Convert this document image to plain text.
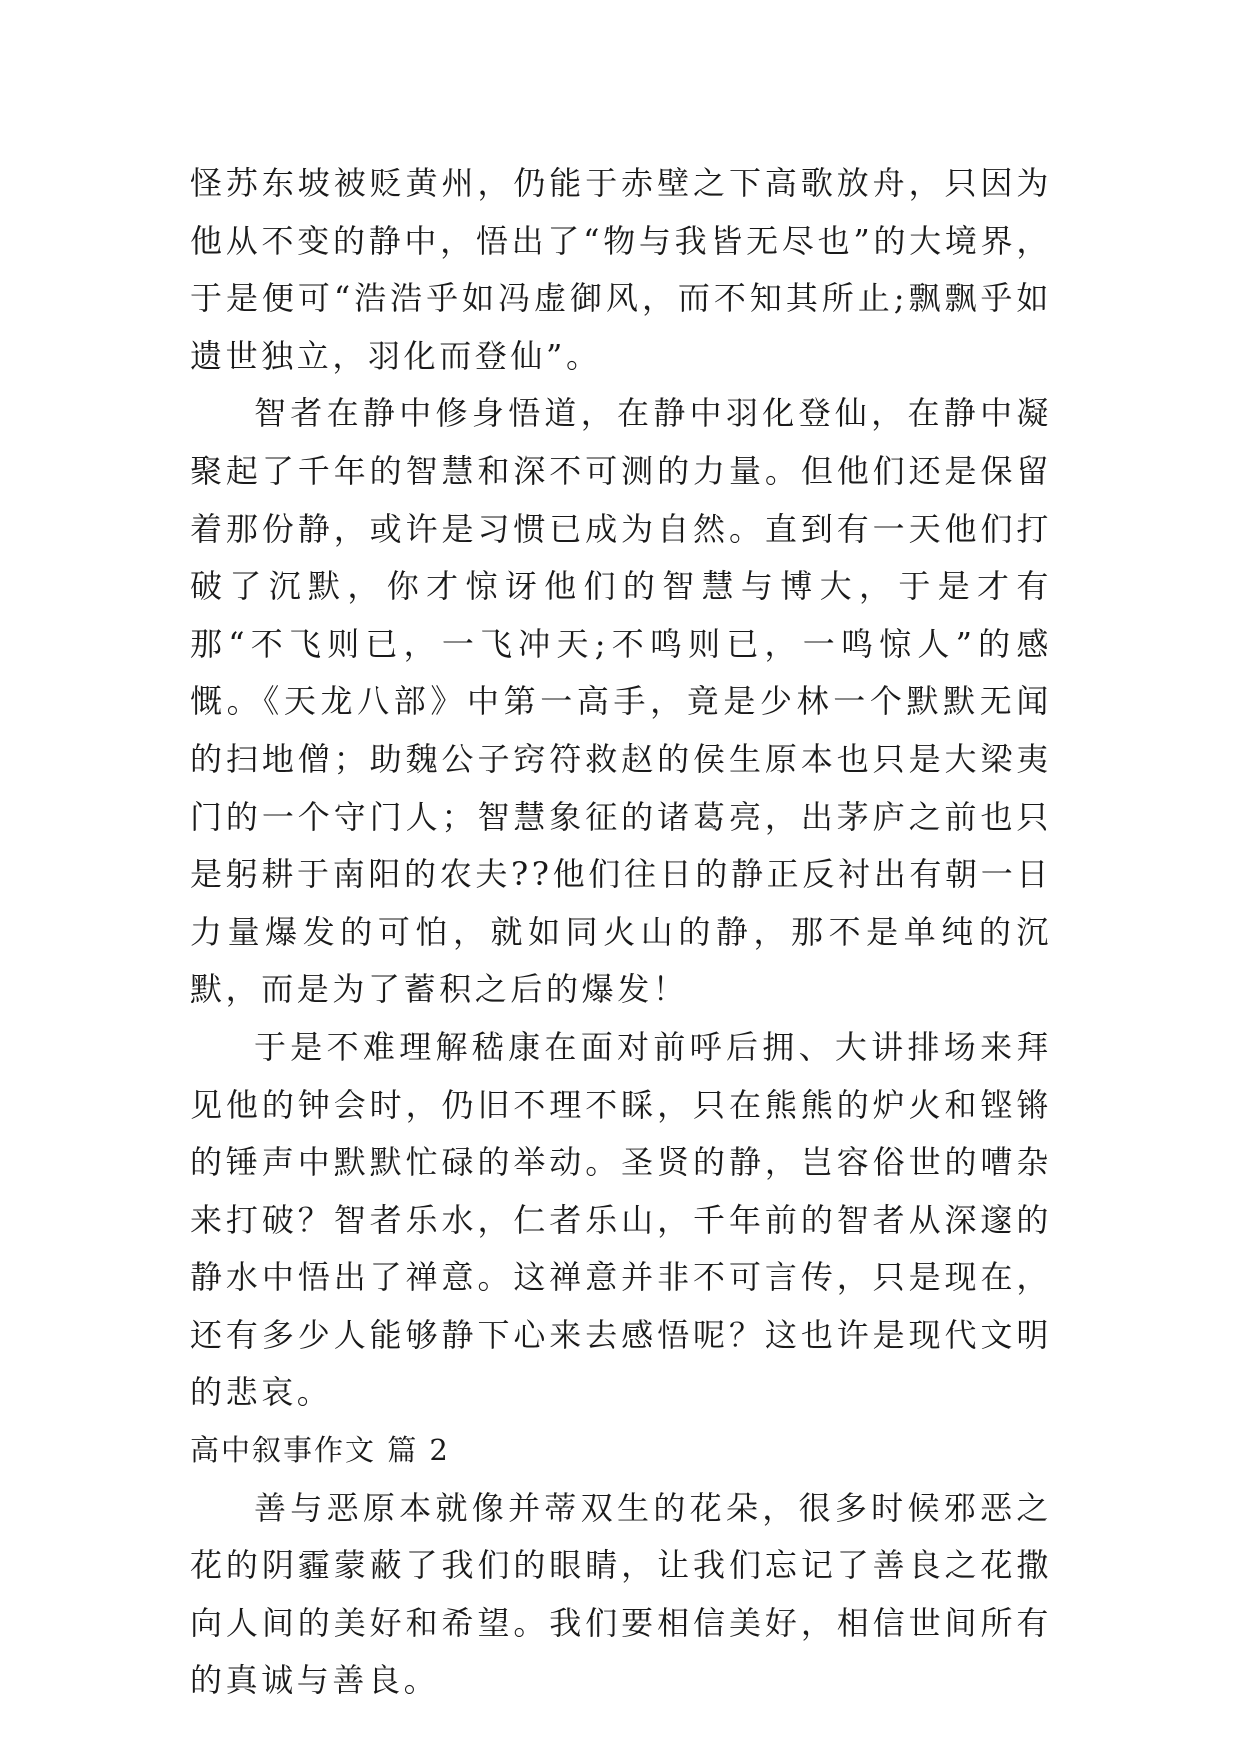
怪苏东坡被贬黄州，仍能于赤壁之下高歌放舟，只因为他从不变的静中，悟出了“物与我皆无尽也”的大境界，于是便可“浩浩乎如冯虚御风，而不知其所止;飘飘乎如遗世独立，羽化而登仙”。

智者在静中修身悟道，在静中羽化登仙，在静中凝聚起了千年的智慧和深不可测的力量。但他们还是保留着那份静，或许是习惯已成为自然。直到有一天他们打破了沉默，你才惊讶他们的智慧与博大，于是才有那“不飞则已，一飞冲天;不鸣则已，一鸣惊人”的感慨。《天龙八部》中第一高手，竟是少林一个默默无闻的扫地僧；助魏公子窍符救赵的侯生原本也只是大梁夷门的一个守门人；智慧象征的诸葛亮，出茅庐之前也只是躬耕于南阳的农夫??他们往日的静正反衬出有朝一日力量爆发的可怕，就如同火山的静，那不是单纯的沉默，而是为了蓄积之后的爆发！

于是不难理解嵇康在面对前呼后拥、大讲排场来拜见他的钟会时，仍旧不理不睬，只在熊熊的炉火和铿锵的锤声中默默忙碌的举动。圣贤的静，岂容俗世的嘈杂来打破？智者乐水，仁者乐山，千年前的智者从深邃的静水中悟出了禅意。这禅意并非不可言传，只是现在，还有多少人能够静下心来去感悟呢？这也许是现代文明的悲哀。

高中叙事作文 篇 2

善与恶原本就像并蒂双生的花朵，很多时候邪恶之花的阴霾蒙蔽了我们的眼睛，让我们忘记了善良之花撒向人间的美好和希望。我们要相信美好，相信世间所有的真诚与善良。
